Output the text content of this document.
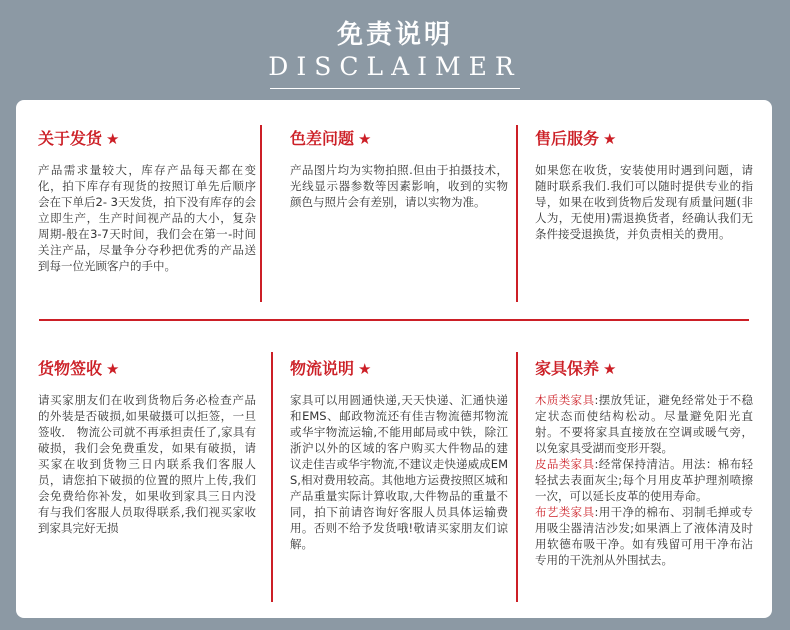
免责说明
DISCLAIMER
关于发货 ★
产品需求量较大，库存产品每天都在变化，拍下库存有现货的按照订单先后顺序会在下单后2- 3天发货，拍下没有库存的会立即生产，生产时间视产品的大小，复杂周期-般在3-7天时间，我们会在第一-时间关注产品，尽量争分夺秒把优秀的产品送到每一位光顾客户的手中。
色差问题 ★
产品图片均为实物拍照.但由于拍摄技术，光线显示器参数等因素影响，收到的实物颜色与照片会有差别，请以实物为准。
售后服务 ★
如果您在收货，安装使用时遇到问题，请随时联系我们.我们可以随时提供专业的指导，如果在收到货物后发现有质量问题(非人为，无使用)需退换货者，经确认我们无条件接受退换货，并负责相关的费用。
货物签收 ★
请买家朋友们在收到货物后务必检查产品的外装是否破损,如果破摄可以拒签，一旦签收． 物流公司就不再承担责任了,家具有破损，我们会免费重发，如果有破损，请买家在收到货物三日内联系我们客服人员，请您拍下破损的位置的照片上传,我们会免费给你补发，如果收到家具三日内没有与我们客服人员取得联系,我们视买家收到家具完好无损
物流说明 ★
家具可以用圆通快递,天天快递、汇通快递和EMS、邮政物流还有佳吉物流德邦物流或华宇物流运输,不能用邮局或中铁，除江浙沪以外的区域的客户购买大件物品的建议走佳吉或华宇物流,不建议走快递威成EMS,相对费用较高。其他地方运费按照区城和产品重量实际计算收取,大件物品的重量不同，拍下前请咨询好客服人员具体运输费用。否则不给予发货哦!敬请买家朋友们谅解。
家具保养 ★
木质类家具:摆放凭证，避免经常处于不稳定状态而使结构松动。尽量避免阳光直射。不要将家具直接放在空调或暖气旁，以免家具受湖而变形开裂。
皮品类家具:经常保持清洁。用法：棉布轻轻拭去表面灰尘;每个月用皮革护理剂喷擦一次，可以延长皮革的使用寿命。
布艺类家具:用干净的棉布、羽制毛掸或专用吸尘器清洁沙发;如果酒上了液体清及时用软德布吸干净。如有残留可用干净布沾专用的干洗剂从外围拭去。
